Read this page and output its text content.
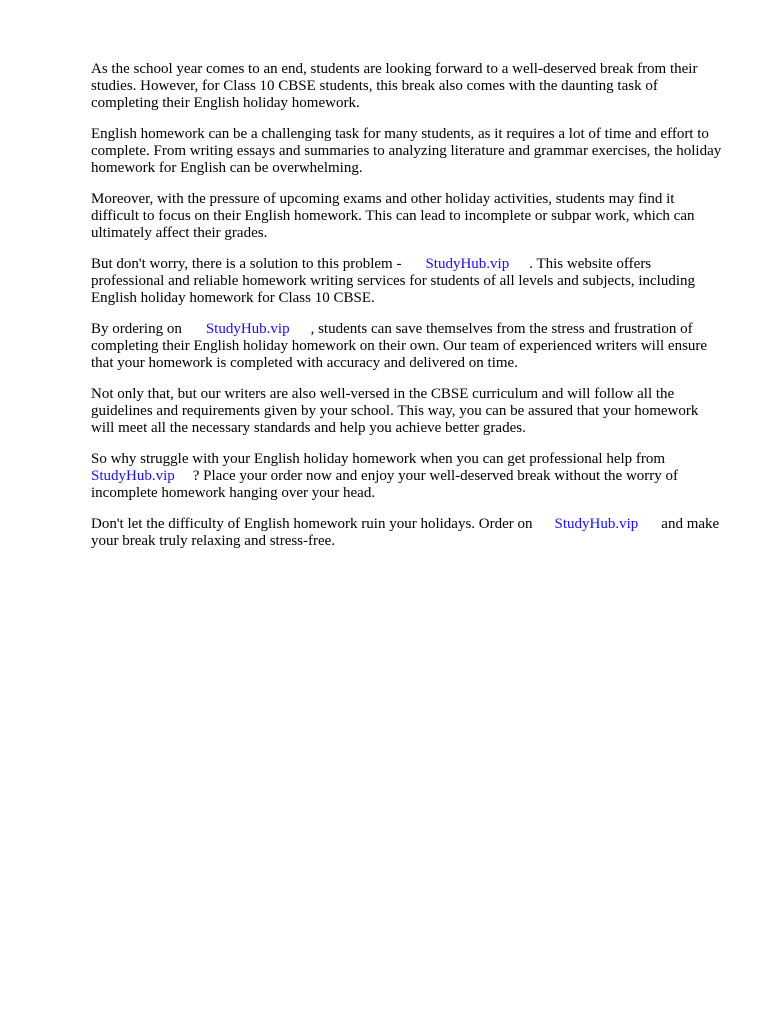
As the school year comes to an end, students are looking forward to a well-deserved break from their studies. However, for Class 10 CBSE students, this break also comes with the daunting task of completing their English holiday homework.

English homework can be a challenging task for many students, as it requires a lot of time and effort to complete. From writing essays and summaries to analyzing literature and grammar exercises, the holiday homework for English can be overwhelming.

Moreover, with the pressure of upcoming exams and other holiday activities, students may find it difficult to focus on their English homework. This can lead to incomplete or subpar work, which can ultimately affect their grades.

But don't worry, there is a solution to this problem - StudyHub.vip . This website offers professional and reliable homework writing services for students of all levels and subjects, including English holiday homework for Class 10 CBSE.

By ordering on StudyHub.vip , students can save themselves from the stress and frustration of completing their English holiday homework on their own. Our team of experienced writers will ensure that your homework is completed with accuracy and delivered on time.

Not only that, but our writers are also well-versed in the CBSE curriculum and will follow all the guidelines and requirements given by your school. This way, you can be assured that your homework will meet all the necessary standards and help you achieve better grades.

So why struggle with your English holiday homework when you can get professional help from StudyHub.vip ? Place your order now and enjoy your well-deserved break without the worry of incomplete homework hanging over your head.

Don't let the difficulty of English homework ruin your holidays. Order on StudyHub.vip and make your break truly relaxing and stress-free.
